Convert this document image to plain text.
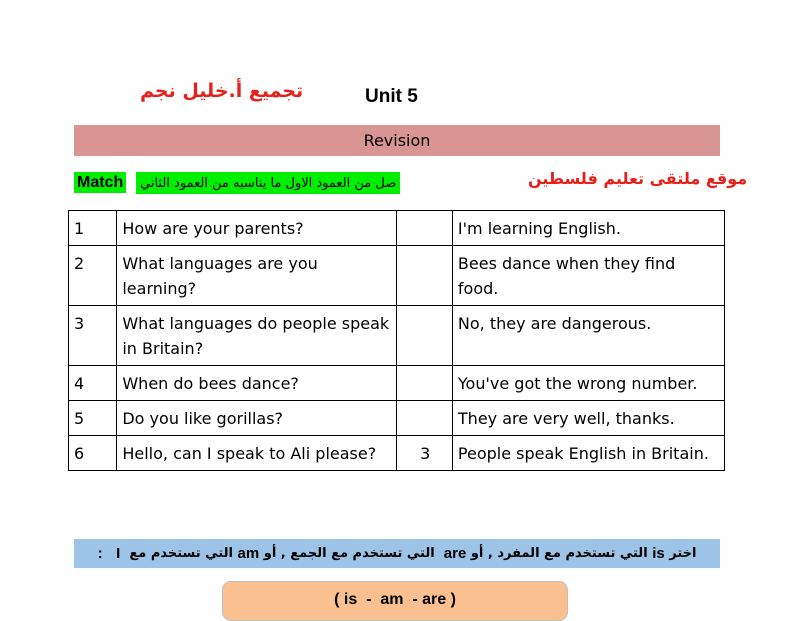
تجميع أ.خليل نجم	Unit 5
Revision
Match	صل من العمود الاول ما يناسبه من العمود الثاني	موقع ملتقى تعليم فلسطين
1	How are your parents?		I'm learning English.
2	What languages are you learning?		Bees dance when they find food.
3	What languages do people speak in Britain?		No, they are dangerous.
4	When do bees dance?		You've got the wrong number.
5	Do you like gorillas?		They are very well, thanks.
6	Hello, can I speak to Ali please?	3	People speak English in Britain.
اختر

is

التي تستخدم مع المفرد , أو

are

التي تستخدم مع الجمع , أو

am

التي تستخدم مع

I

:
( is  -  am  - are )
